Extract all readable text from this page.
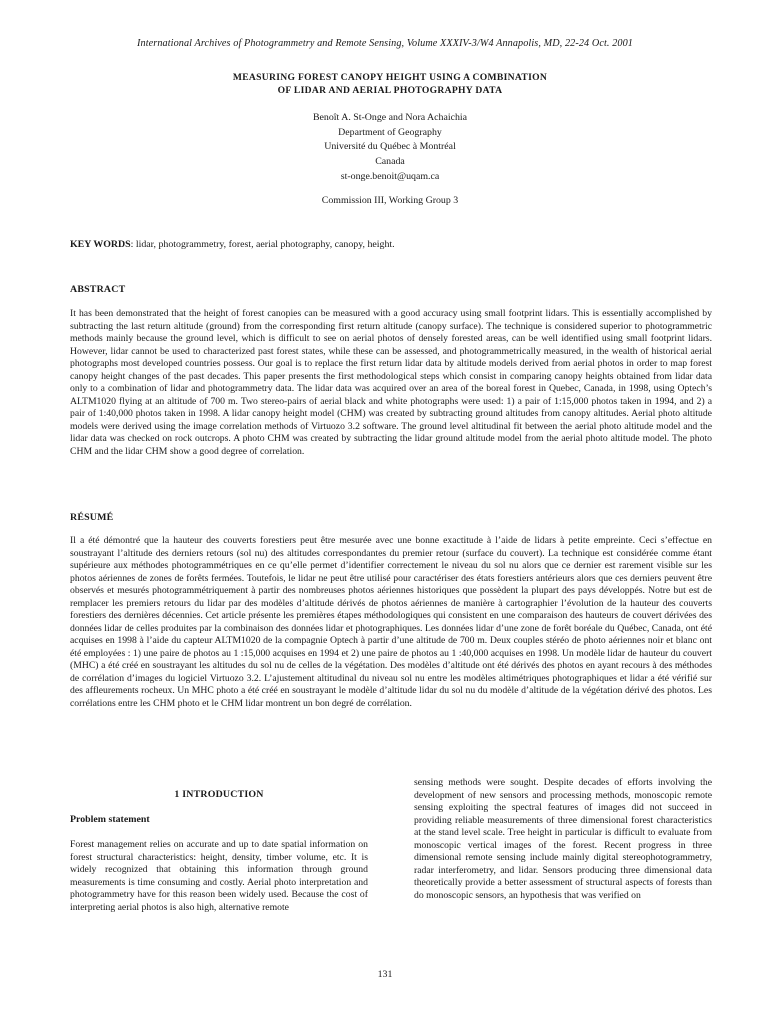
International Archives of Photogrammetry and Remote Sensing, Volume XXXIV-3/W4 Annapolis, MD, 22-24 Oct. 2001
MEASURING FOREST CANOPY HEIGHT USING A COMBINATION
OF LIDAR AND AERIAL PHOTOGRAPHY DATA
Benoît A. St-Onge and Nora Achaichia
Department of Geography
Université du Québec à Montréal
Canada
st-onge.benoit@uqam.ca
Commission III, Working Group 3
KEY WORDS: lidar, photogrammetry, forest, aerial photography, canopy, height.
ABSTRACT

It has been demonstrated that the height of forest canopies can be measured with a good accuracy using small footprint lidars. This is essentially accomplished by subtracting the last return altitude (ground) from the corresponding first return altitude (canopy surface). The technique is considered superior to photogrammetric methods mainly because the ground level, which is difficult to see on aerial photos of densely forested areas, can be well identified using small footprint lidars. However, lidar cannot be used to characterized past forest states, while these can be assessed, and photogrammetrically measured, in the wealth of historical aerial photographs most developed countries possess. Our goal is to replace the first return lidar data by altitude models derived from aerial photos in order to map forest canopy height changes of the past decades. This paper presents the first methodological steps which consist in comparing canopy heights obtained from lidar data only to a combination of lidar and photogrammetry data. The lidar data was acquired over an area of the boreal forest in Quebec, Canada, in 1998, using Optech’s ALTM1020 flying at an altitude of 700 m. Two stereo-pairs of aerial black and white photographs were used: 1) a pair of 1:15,000 photos taken in 1994, and 2) a pair of 1:40,000 photos taken in 1998. A lidar canopy height model (CHM) was created by subtracting ground altitudes from canopy altitudes. Aerial photo altitude models were derived using the image correlation methods of Virtuozo 3.2 software. The ground level altitudinal fit between the aerial photo altitude model and the lidar data was checked on rock outcrops. A photo CHM was created by subtracting the lidar ground altitude model from the aerial photo altitude model. The photo CHM and the lidar CHM show a good degree of correlation.

RÉSUMÉ

Il a été démontré que la hauteur des couverts forestiers peut être mesurée avec une bonne exactitude à l’aide de lidars à petite empreinte. Ceci s’effectue en soustrayant l’altitude des derniers retours (sol nu) des altitudes correspondantes du premier retour (surface du couvert). La technique est considérée comme étant supérieure aux méthodes photogrammétriques en ce qu’elle permet d’identifier correctement le niveau du sol nu alors que ce dernier est rarement visible sur les photos aériennes de zones de forêts fermées. Toutefois, le lidar ne peut être utilisé pour caractériser des états forestiers antérieurs alors que ces derniers peuvent être observés et mesurés photogrammétriquement à partir des nombreuses photos aériennes historiques que possèdent la plupart des pays développés. Notre but est de remplacer les premiers retours du lidar par des modèles d’altitude dérivés de photos aériennes de manière à cartographier l’évolution de la hauteur des couverts forestiers des dernières décennies. Cet article présente les premières étapes méthodologiques qui consistent en une comparaison des hauteurs de couvert dérivées des données lidar de celles produites par la combinaison des données lidar et photographiques. Les données lidar d’une zone de forêt boréale du Québec, Canada, ont été acquises en 1998 à l’aide du capteur ALTM1020 de la compagnie Optech à partir d’une altitude de 700 m. Deux couples stéréo de photo aériennes noir et blanc ont été employées : 1) une paire de photos au 1 :15,000 acquises en 1994 et 2) une paire de photos au 1 :40,000 acquises en 1998. Un modèle lidar de hauteur du couvert (MHC) a été créé en soustrayant les altitudes du sol nu de celles de la végétation. Des modèles d’altitude ont été dérivés des photos en ayant recours à des méthodes de corrélation d’images du logiciel Virtuozo 3.2. L’ajustement altitudinal du niveau sol nu entre les modèles altimétriques photographiques et lidar a été vérifié sur des affleurements rocheux. Un MHC photo a été créé en soustrayant le modèle d’altitude lidar du sol nu du modèle d’altitude de la végétation dérivé des photos. Les corrélations entre les CHM photo et le CHM lidar montrent un bon degré de corrélation.

1 INTRODUCTION
Problem statement

Forest management relies on accurate and up to date spatial information on forest structural characteristics: height, density, timber volume, etc. It is widely recognized that obtaining this information through ground measurements is time consuming and costly. Aerial photo interpretation and photogrammetry have for this reason been widely used. Because the cost of interpreting aerial photos is also high, alternative remote

sensing methods were sought. Despite decades of efforts involving the development of new sensors and processing methods, monoscopic remote sensing exploiting the spectral features of images did not succeed in providing reliable measurements of three dimensional forest characteristics at the stand level scale. Tree height in particular is difficult to evaluate from monoscopic vertical images of the forest. Recent progress in three dimensional remote sensing include mainly digital stereophotogrammetry, radar interferometry, and lidar. Sensors producing three dimensional data theoretically provide a better assessment of structural aspects of forests than do monoscopic sensors, an hypothesis that was verified on

131
